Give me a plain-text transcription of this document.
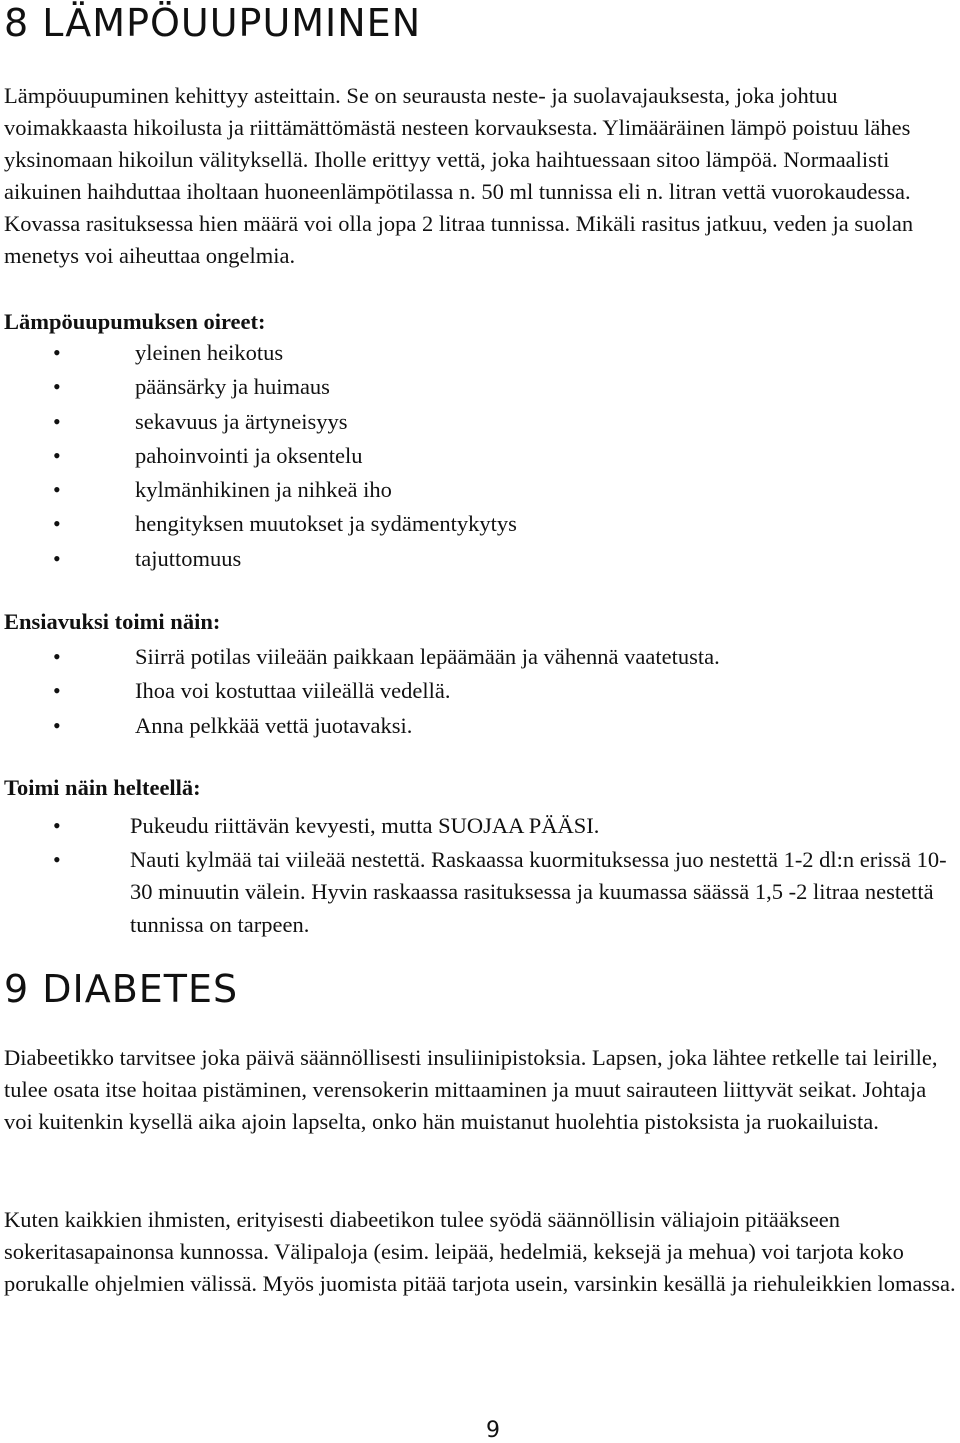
8 LÄMPÖUUPUMINEN

Lämpöuupuminen kehittyy asteittain. Se on seurausta neste- ja suolavajauksesta, joka johtuu voimakkaasta hikoilusta ja riittämättömästä nesteen korvauksesta. Ylimääräinen lämpö poistuu lähes yksinomaan hikoilun välityksellä. Iholle erittyy vettä, joka haihtuessaan sitoo lämpöä. Normaalisti aikuinen haihduttaa iholtaan huoneenlämpötilassa n. 50 ml tunnissa eli n. litran vettä vuorokaudessa. Kovassa rasituksessa hien määrä voi olla jopa 2 litraa tunnissa. Mikäli rasitus jatkuu, veden ja suolan menetys voi aiheuttaa ongelmia.

Lämpöuupumuksen oireet:

•	yleinen heikotus
•	päänsärky ja huimaus
•	sekavuus ja ärtyneisyys
•	pahoinvointi ja oksentelu
•	kylmänhikinen ja nihkeä iho
•	hengityksen muutokset ja sydämentykytys
•	tajuttomuus

Ensiavuksi toimi näin:

•	Siirrä potilas viileään paikkaan lepäämään ja vähennä vaatetusta.
•	Ihoa voi kostuttaa viileällä vedellä.
•	Anna pelkkää vettä juotavaksi.

Toimi näin helteellä:

•	Pukeudu riittävän kevyesti, mutta SUOJAA PÄÄSI.
•	Nauti kylmää tai viileää nestettä. Raskaassa kuormituksessa juo nestettä 1-2 dl:n erissä 10-30 minuutin välein. Hyvin raskaassa rasituksessa ja kuumassa säässä 1,5 -2 litraa nestettä tunnissa on tarpeen.
9 DIABETES

Diabeetikko tarvitsee joka päivä säännöllisesti insuliinipistoksia. Lapsen, joka lähtee retkelle tai leirille, tulee osata itse hoitaa pistäminen, verensokerin mittaaminen ja muut sairauteen liittyvät seikat. Johtaja voi kuitenkin kysellä aika ajoin lapselta, onko hän muistanut huolehtia pistoksista ja ruokailuista.

Kuten kaikkien ihmisten, erityisesti diabeetikon tulee syödä säännöllisin väliajoin pitääkseen sokeritasapainonsa kunnossa. Välipaloja (esim. leipää, hedelmiä, keksejä ja mehua) voi tarjota koko porukalle ohjelmien välissä. Myös juomista pitää tarjota usein, varsinkin kesällä ja riehuleikkien lomassa.

9
